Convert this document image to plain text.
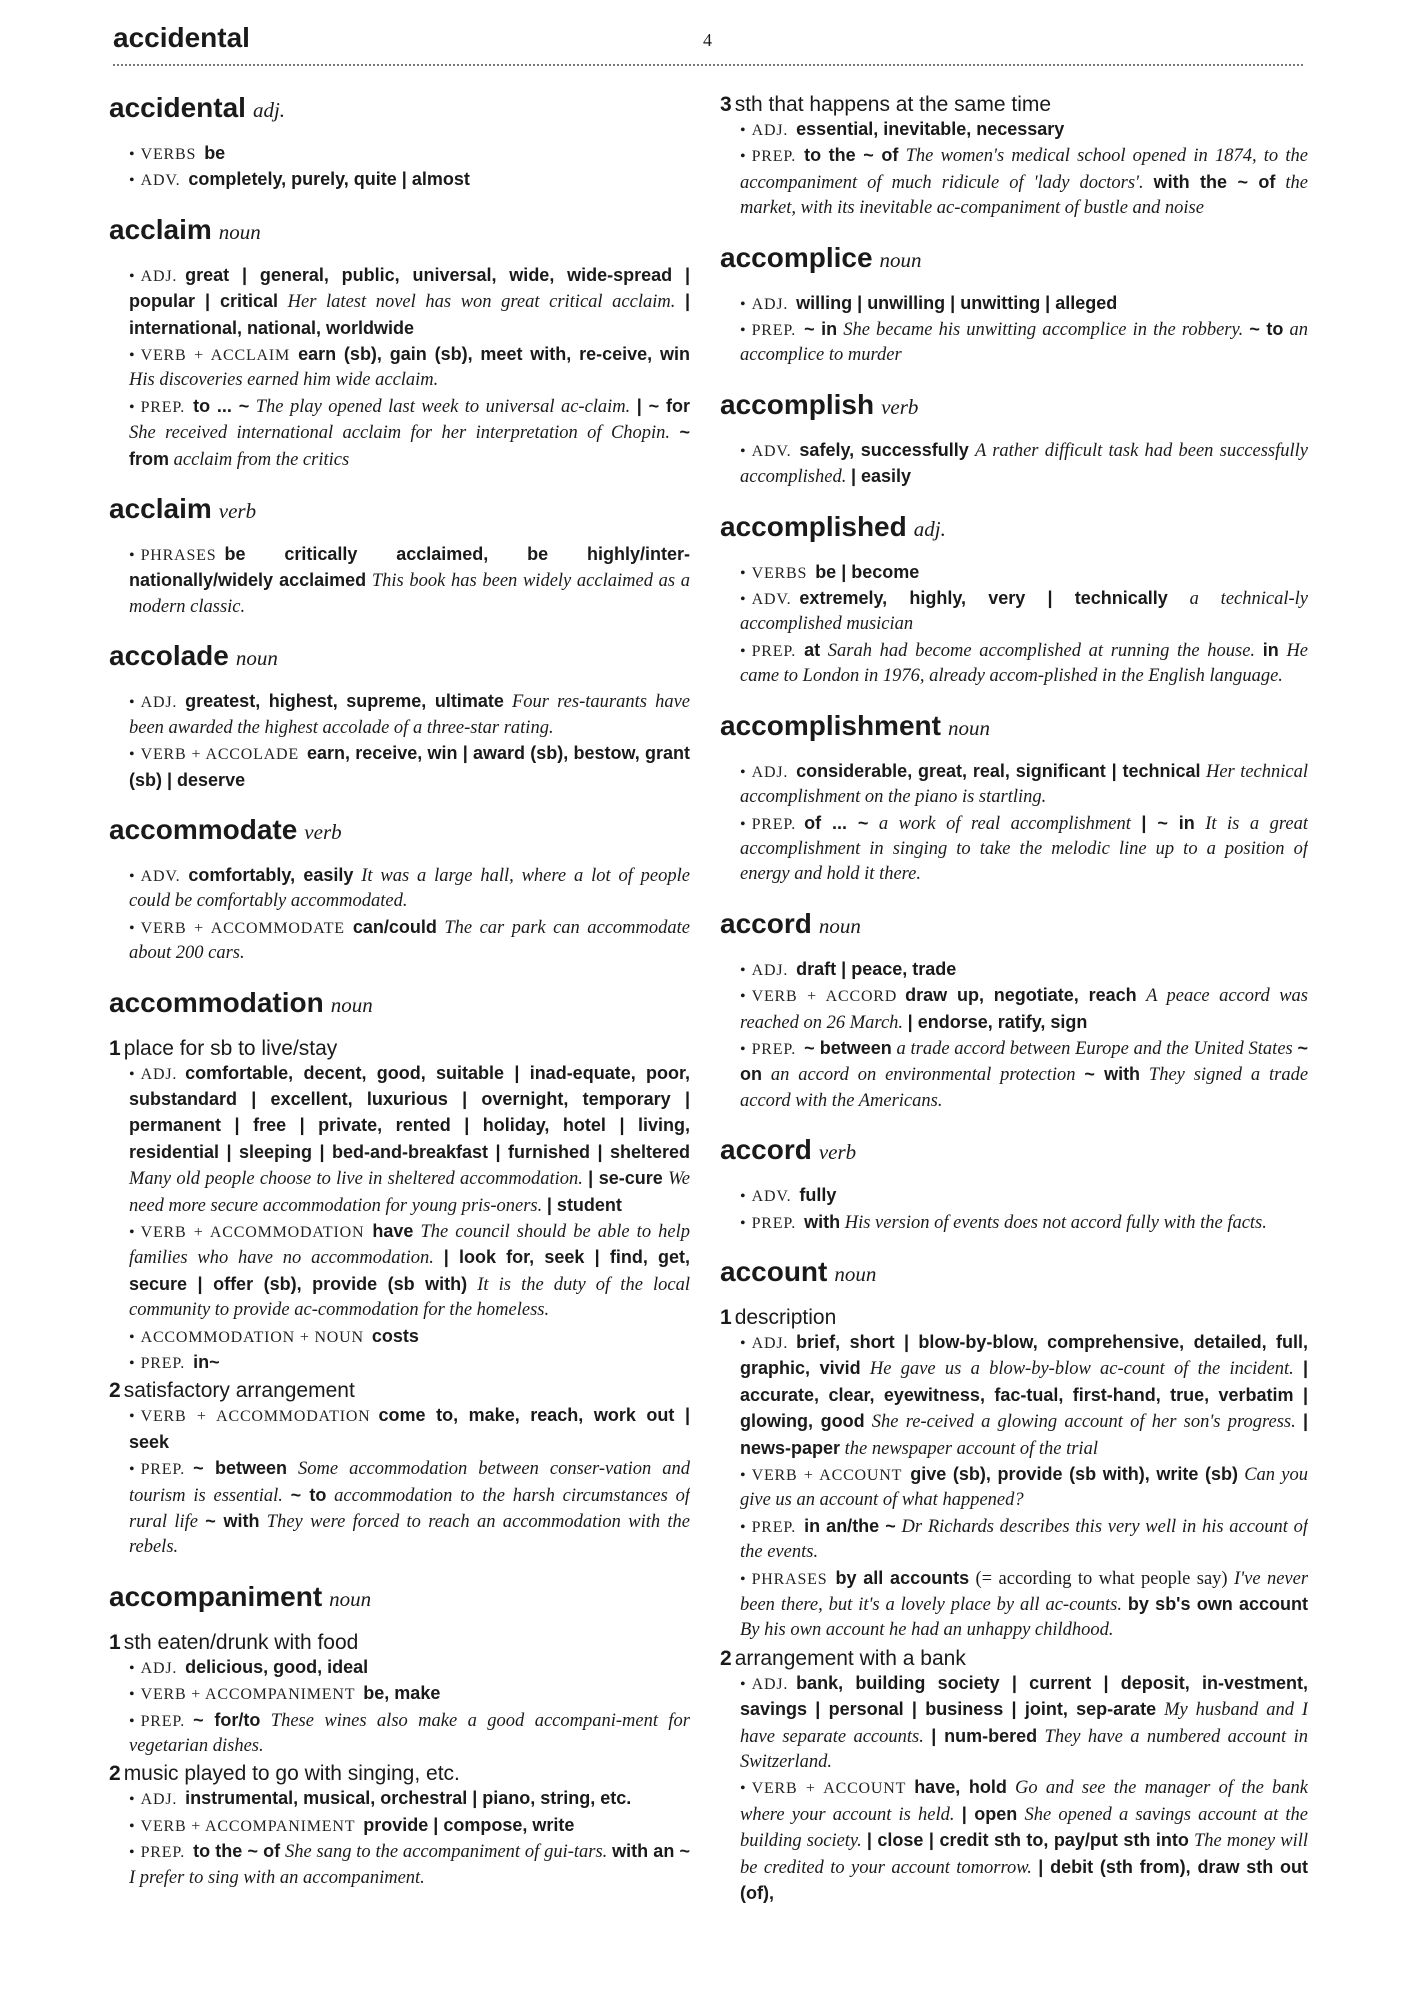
accidental	4
accidental adj.
• VERBS be
• ADV. completely, purely, quite | almost
acclaim noun
• ADJ. great | general, public, universal, wide, wide-spread | popular | critical Her latest novel has won great critical acclaim. | international, national, worldwide
• VERB + ACCLAIM earn (sb), gain (sb), meet with, re-ceive, win His discoveries earned him wide acclaim.
• PREP. to ... ~ The play opened last week to universal ac-claim. | ~ for She received international acclaim for her interpretation of Chopin. ~ from acclaim from the critics
acclaim verb
• PHRASES be critically acclaimed, be highly/inter-nationally/widely acclaimed This book has been widely acclaimed as a modern classic.
accolade noun
• ADJ. greatest, highest, supreme, ultimate Four res-taurants have been awarded the highest accolade of a three-star rating.
• VERB + ACCOLADE earn, receive, win | award (sb), bestow, grant (sb) | deserve
accommodate verb
• ADV. comfortably, easily It was a large hall, where a lot of people could be comfortably accommodated.
• VERB + ACCOMMODATE can/could The car park can accommodate about 200 cars.
accommodation noun
1 place for sb to live/stay
• ADJ. comfortable, decent, good, suitable | inad-equate, poor, substandard | excellent, luxurious | overnight, temporary | permanent | free | private, rented | holiday, hotel | living, residential | sleeping | bed-and-breakfast | furnished | sheltered Many old people choose to live in sheltered accommodation. | se-cure We need more secure accommodation for young pris-oners. | student
• VERB + ACCOMMODATION have The council should be able to help families who have no accommodation. | look for, seek | find, get, secure | offer (sb), provide (sb with) It is the duty of the local community to provide ac-commodation for the homeless.
• ACCOMMODATION + NOUN costs
• PREP. in~
2 satisfactory arrangement
• VERB + ACCOMMODATION come to, make, reach, work out | seek
• PREP. ~ between Some accommodation between conser-vation and tourism is essential. ~ to accommodation to the harsh circumstances of rural life ~ with They were forced to reach an accommodation with the rebels.
accompaniment noun
1 sth eaten/drunk with food
• ADJ. delicious, good, ideal
• VERB + ACCOMPANIMENT be, make
• PREP. ~ for/to These wines also make a good accompani-ment for vegetarian dishes.
2 music played to go with singing, etc.
• ADJ. instrumental, musical, orchestral | piano, string, etc.
• VERB + ACCOMPANIMENT provide | compose, write
• PREP. to the ~ of She sang to the accompaniment of gui-tars. with an ~ I prefer to sing with an accompaniment.
3 sth that happens at the same time
• ADJ. essential, inevitable, necessary
• PREP. to the ~ of The women's medical school opened in 1874, to the accompaniment of much ridicule of 'lady doctors'. with the ~ of the market, with its inevitable ac-companiment of bustle and noise
accomplice noun
• ADJ. willing | unwilling | unwitting | alleged
• PREP. ~ in She became his unwitting accomplice in the robbery. ~ to an accomplice to murder
accomplish verb
• ADV. safely, successfully A rather difficult task had been successfully accomplished. | easily
accomplished adj.
• VERBS be | become
• ADV. extremely, highly, very | technically a technical-ly accomplished musician
• PREP. at Sarah had become accomplished at running the house. in He came to London in 1976, already accom-plished in the English language.
accomplishment noun
• ADJ. considerable, great, real, significant | technical Her technical accomplishment on the piano is startling.
• PREP. of ... ~ a work of real accomplishment | ~ in It is a great accomplishment in singing to take the melodic line up to a position of energy and hold it there.
accord noun
• ADJ. draft | peace, trade
• VERB + ACCORD draw up, negotiate, reach A peace accord was reached on 26 March. | endorse, ratify, sign
• PREP. ~ between a trade accord between Europe and the United States ~ on an accord on environmental protection ~ with They signed a trade accord with the Americans.
accord verb
• ADV. fully
• PREP. with His version of events does not accord fully with the facts.
account noun
1 description
• ADJ. brief, short | blow-by-blow, comprehensive, detailed, full, graphic, vivid He gave us a blow-by-blow ac-count of the incident. | accurate, clear, eyewitness, fac-tual, first-hand, true, verbatim | glowing, good She re-ceived a glowing account of her son's progress. | news-paper the newspaper account of the trial
• VERB + ACCOUNT give (sb), provide (sb with), write (sb) Can you give us an account of what happened?
• PREP. in an/the ~ Dr Richards describes this very well in his account of the events.
• PHRASES by all accounts (= according to what people say) I've never been there, but it's a lovely place by all ac-counts. by sb's own account By his own account he had an unhappy childhood.
2 arrangement with a bank
• ADJ. bank, building society | current | deposit, in-vestment, savings | personal | business | joint, sep-arate My husband and I have separate accounts. | num-bered They have a numbered account in Switzerland.
• VERB + ACCOUNT have, hold Go and see the manager of the bank where your account is held. | open She opened a savings account at the building society. | close | credit sth to, pay/put sth into The money will be credited to your account tomorrow. | debit (sth from), draw sth out (of),
